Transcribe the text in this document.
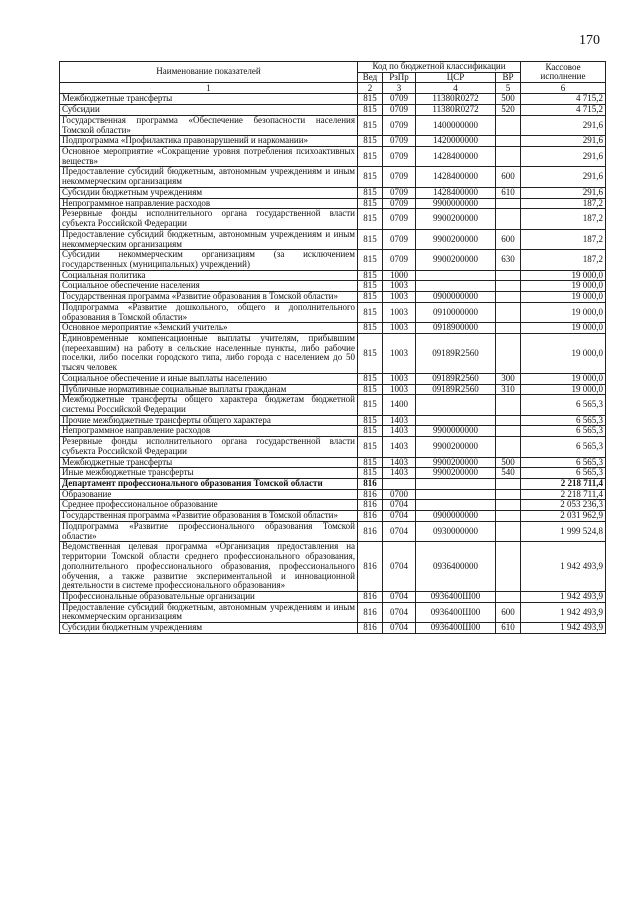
170
Наименование показателей	Код по бюджетной классификации				Кассовое исполнение
	Вед	РзПр	ЦСР	ВР	
1	2	3	4	5	6
Межбюджетные трансферты	815	0709	11380R0272	500	4 715,2
Субсидии	815	0709	11380R0272	520	4 715,2
Государственная программа «Обеспечение безопасности населения Томской области»	815	0709	1400000000		291,6
Подпрограмма «Профилактика правонарушений и наркомании»	815	0709	1420000000		291,6
Основное мероприятие «Сокращение уровня потребления психоактивных веществ»	815	0709	1428400000		291,6
Предоставление субсидий бюджетным, автономным учреждениям и иным некоммерческим организациям	815	0709	1428400000	600	291,6
Субсидии бюджетным учреждениям	815	0709	1428400000	610	291,6
Непрограммное направление расходов	815	0709	9900000000		187,2
Резервные фонды исполнительного органа государственной власти субъекта Российской Федерации	815	0709	9900200000		187,2
Предоставление субсидий бюджетным, автономным учреждениям и иным некоммерческим организациям	815	0709	9900200000	600	187,2
Субсидии некоммерческим организациям (за исключением государственных (муниципальных) учреждений)	815	0709	9900200000	630	187,2
Социальная политика	815	1000			19 000,0
Социальное обеспечение населения	815	1003			19 000,0
Государственная программа «Развитие образования в Томской области»	815	1003	0900000000		19 000,0
Подпрограмма «Развитие дошкольного, общего и дополнительного образования в Томской области»	815	1003	0910000000		19 000,0
Основное мероприятие «Земский учитель»	815	1003	0918900000		19 000,0
Единовременные компенсационные выплаты учителям, прибывшим (переехавшим) на работу в сельские населенные пункты, либо рабочие поселки, либо поселки городского типа, либо города с населением до 50 тысяч человек	815	1003	09189R2560		19 000,0
Социальное обеспечение и иные выплаты населению	815	1003	09189R2560	300	19 000,0
Публичные нормативные социальные выплаты гражданам	815	1003	09189R2560	310	19 000,0
Межбюджетные трансферты общего характера бюджетам бюджетной системы Российской Федерации	815	1400			6 565,3
Прочие межбюджетные трансферты общего характера	815	1403			6 565,3
Непрограммное направление расходов	815	1403	9900000000		6 565,3
Резервные фонды исполнительного органа государственной власти субъекта Российской Федерации	815	1403	9900200000		6 565,3
Межбюджетные трансферты	815	1403	9900200000	500	6 565,3
Иные межбюджетные трансферты	815	1403	9900200000	540	6 565,3
Департамент профессионального образования Томской области	816				2 218 711,4
Образование	816	0700			2 218 711,4
Среднее профессиональное образование	816	0704			2 053 236,3
Государственная программа «Развитие образования в Томской области»	816	0704	0900000000		2 031 962,9
Подпрограмма «Развитие профессионального образования Томской области»	816	0704	0930000000		1 999 524,8
Ведомственная целевая программа «Организация предоставления на территории Томской области среднего профессионального образования, дополнительного профессионального образования, профессионального обучения, а также развитие экспериментальной и инновационной деятельности в системе профессионального образования»	816	0704	0936400000		1 942 493,9
Профессиональные образовательные организации	816	0704	0936400Ш00		1 942 493,9
Предоставление субсидий бюджетным, автономным учреждениям и иным некоммерческим организациям	816	0704	0936400Ш00	600	1 942 493,9
Субсидии бюджетным учреждениям	816	0704	0936400Ш00	610	1 942 493,9
